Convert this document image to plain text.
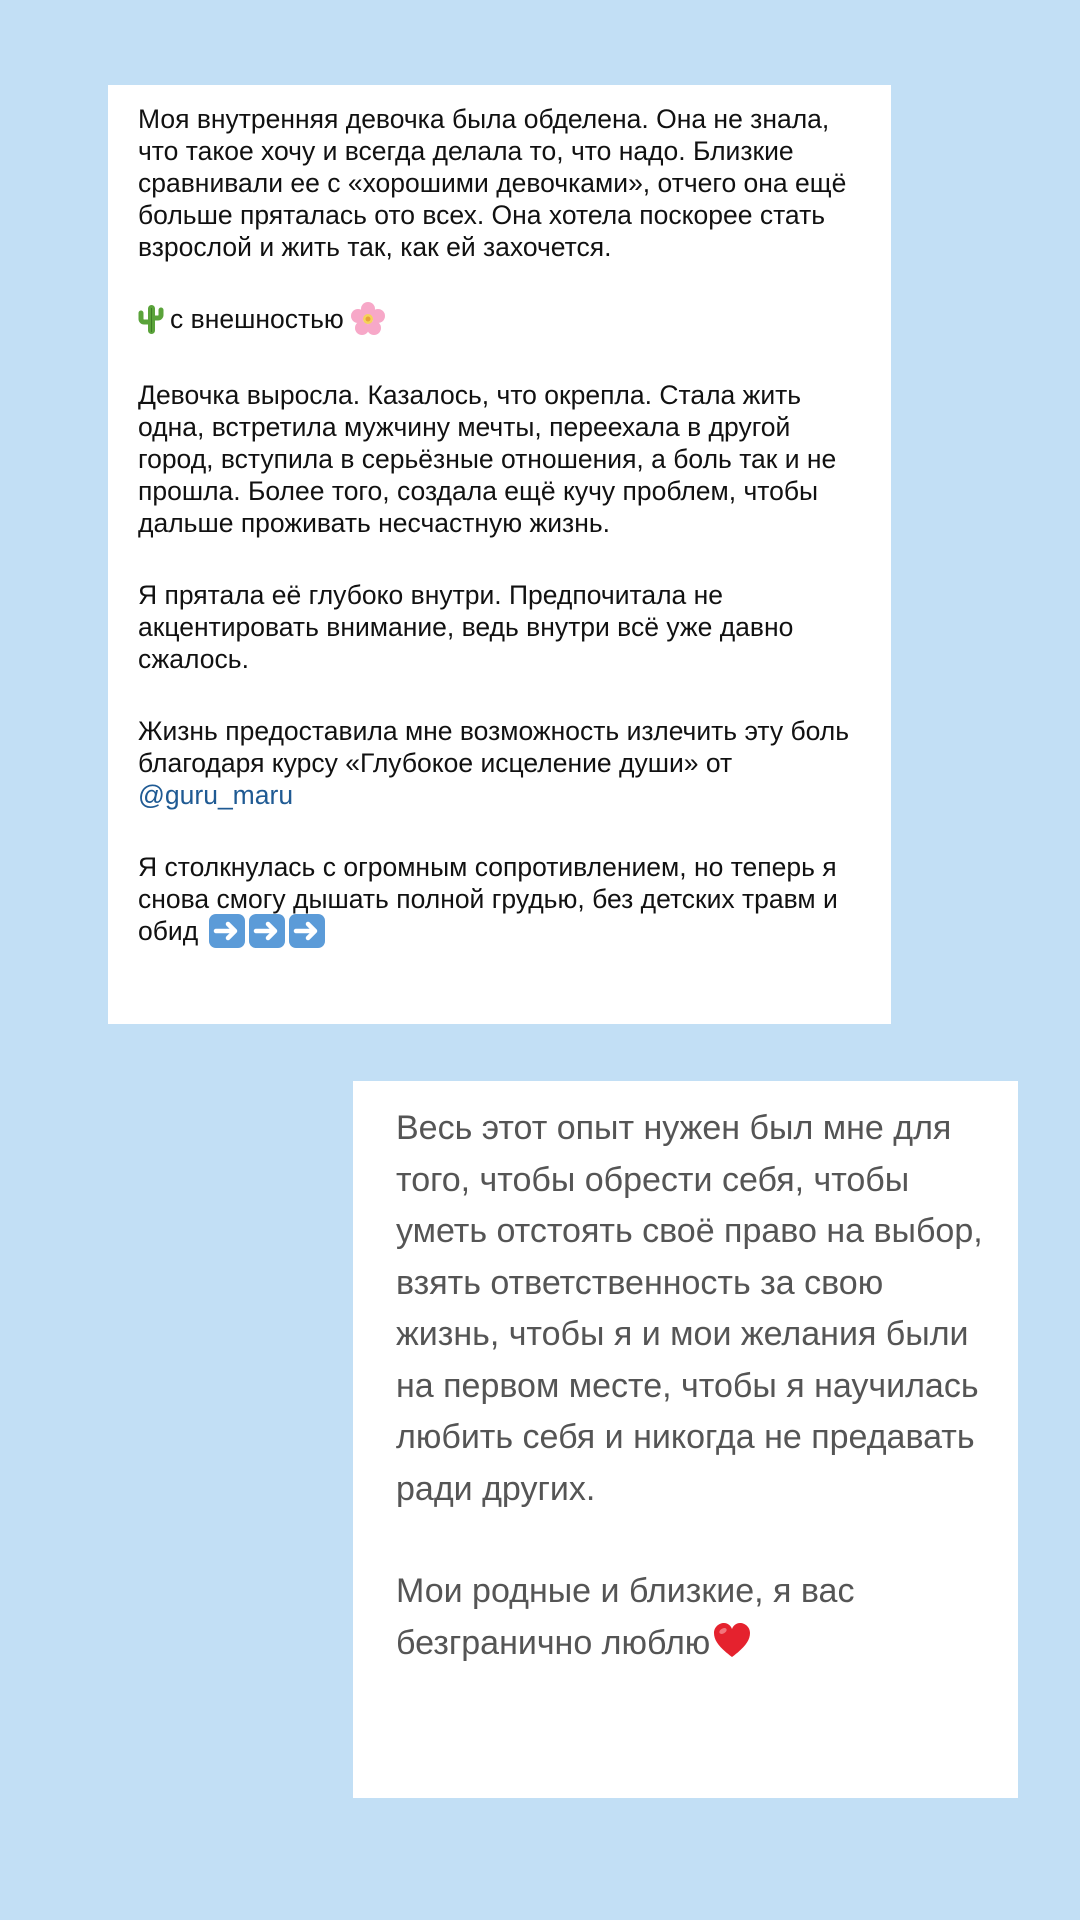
Моя внутренняя девочка была обделена. Она не знала, что такое хочу и всегда делала то, что надо. Близкие сравнивали ее с «хорошими девочками», отчего она ещё больше пряталась ото всех. Она хотела поскорее стать взрослой и жить так, как ей захочется.

с внешностью

Девочка выросла. Казалось, что окрепла. Стала жить одна, встретила мужчину мечты, переехала в другой город, вступила в серьёзные отношения, а боль так и не прошла. Более того, создала ещё кучу проблем, чтобы дальше проживать несчастную жизнь.

Я прятала её глубоко внутри. Предпочитала не акцентировать внимание, ведь внутри всё уже давно сжалось.

Жизнь предоставила мне возможность излечить эту боль благодаря курсу «Глубокое исцеление души» от @guru_maru

Я столкнулась с огромным сопротивлением, но теперь я снова смогу дышать полной грудью, без детских травм и обид

Весь этот опыт нужен был мне для того, чтобы обрести себя, чтобы уметь отстоять своё право на выбор, взять ответственность за свою жизнь, чтобы я и мои желания были на первом месте, чтобы я научилась любить себя и никогда не предавать ради других.

Мои родные и близкие, я вас безгранично люблю
